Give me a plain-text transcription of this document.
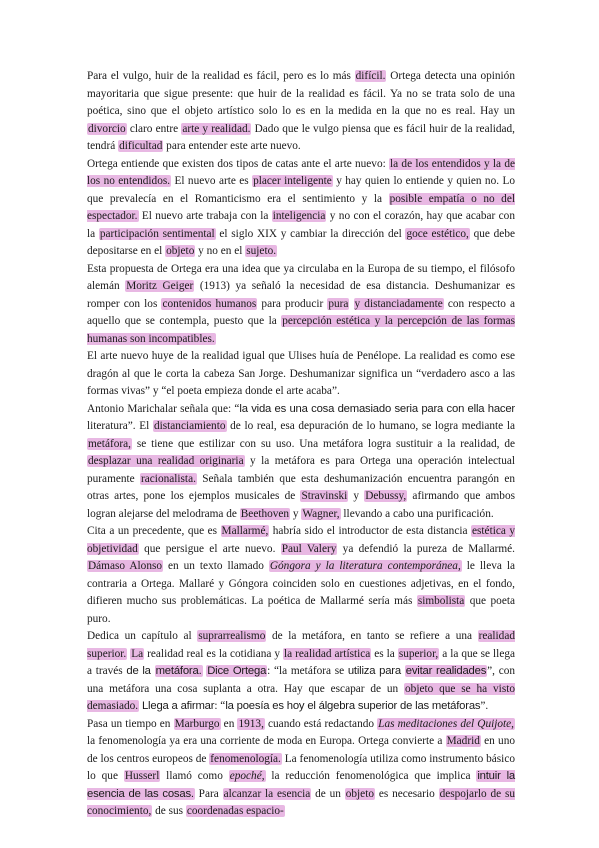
Para el vulgo, huir de la realidad es fácil, pero es lo más difícil. Ortega detecta una opinión mayoritaria que sigue presente: que huir de la realidad es fácil. Ya no se trata solo de una poética, sino que el objeto artístico solo lo es en la medida en la que no es real. Hay un divorcio claro entre arte y realidad. Dado que le vulgo piensa que es fácil huir de la realidad, tendrá dificultad para entender este arte nuevo.

Ortega entiende que existen dos tipos de catas ante el arte nuevo: la de los entendidos y la de los no entendidos. El nuevo arte es placer inteligente y hay quien lo entiende y quien no. Lo que prevalecía en el Romanticismo era el sentimiento y la posible empatía o no del espectador. El nuevo arte trabaja con la inteligencia y no con el corazón, hay que acabar con la participación sentimental el siglo XIX y cambiar la dirección del goce estético, que debe depositarse en el objeto y no en el sujeto.

Esta propuesta de Ortega era una idea que ya circulaba en la Europa de su tiempo, el filósofo alemán Moritz Geiger (1913) ya señaló la necesidad de esa distancia. Deshumanizar es romper con los contenidos humanos para producir pura y distanciadamente con respecto a aquello que se contempla, puesto que la percepción estética y la percepción de las formas humanas son incompatibles.

El arte nuevo huye de la realidad igual que Ulises huía de Penélope. La realidad es como ese dragón al que le corta la cabeza San Jorge. Deshumanizar significa un “verdadero asco a las formas vivas” y “el poeta empieza donde el arte acaba”.

Antonio Marichalar señala que: “la vida es una cosa demasiado seria para con ella hacer literatura”. El distanciamiento de lo real, esa depuración de lo humano, se logra mediante la metáfora, se tiene que estilizar con su uso. Una metáfora logra sustituir a la realidad, de desplazar una realidad originaria y la metáfora es para Ortega una operación intelectual puramente racionalista. Señala también que esta deshumanización encuentra parangón en otras artes, pone los ejemplos musicales de Stravinski y Debussy, afirmando que ambos logran alejarse del melodrama de Beethoven y Wagner, llevando a cabo una purificación.

Cita a un precedente, que es Mallarmé, habría sido el introductor de esta distancia estética y objetividad que persigue el arte nuevo. Paul Valery ya defendió la pureza de Mallarmé. Dámaso Alonso en un texto llamado Góngora y la literatura contemporánea, le lleva la contraria a Ortega. Mallaré y Góngora coinciden solo en cuestiones adjetivas, en el fondo, difieren mucho sus problemáticas. La poética de Mallarmé sería más simbolista que poeta puro.

Dedica un capítulo al suprarrealismo de la metáfora, en tanto se refiere a una realidad superior. La realidad real es la cotidiana y la realidad artística es la superior, a la que se llega a través de la metáfora. Dice Ortega: “la metáfora se utiliza para evitar realidades”, con una metáfora una cosa suplanta a otra. Hay que escapar de un objeto que se ha visto demasiado. Llega a afirmar: “la poesía es hoy el álgebra superior de las metáforas”.

Pasa un tiempo en Marburgo en 1913, cuando está redactando Las meditaciones del Quijote, la fenomenología ya era una corriente de moda en Europa. Ortega convierte a Madrid en uno de los centros europeos de fenomenología. La fenomenología utiliza como instrumento básico lo que Husserl llamó como epoché, la reducción fenomenológica que implica intuir la esencia de las cosas. Para alcanzar la esencia de un objeto es necesario despojarlo de su conocimiento, de sus coordenadas espacio-
